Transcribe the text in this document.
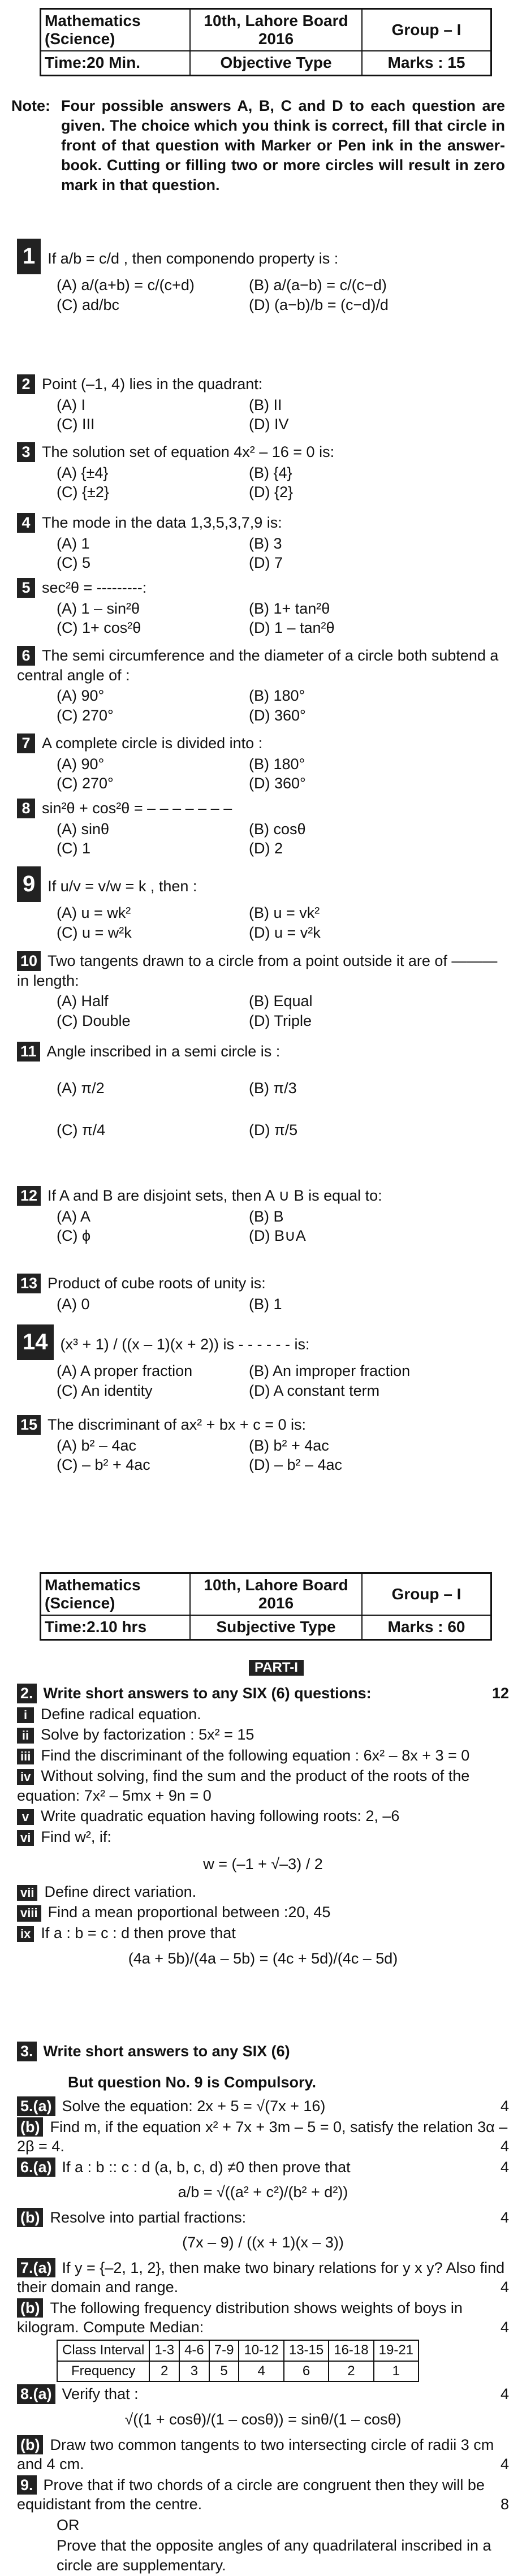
Mathematics (Science)	10th, Lahore Board 2016	Group – I
Time:20 Min.	Objective Type	Marks : 15
Note: Four possible answers A, B, C and D to each question are given. The choice which you think is correct, fill that circle in front of that question with Marker or Pen ink in the answer-book. Cutting or filling two or more circles will result in zero mark in that question.
1 If a/b = c/d , then componendo property is :
(A) a/(a+b) = c/(c+d)	(B) a/(a−b) = c/(c−d)
(C) ad/bc	(D) (a−b)/b = (c−d)/d
2 Point (–1, 4) lies in the quadrant:
(A) I	(B) II
(C) III	(D) IV
3 The solution set of equation 4x² – 16 = 0 is:
(A) {±4}	(B) {4}
(C) {±2}	(D) {2}
4 The mode in the data 1,3,5,3,7,9 is:
(A) 1	(B) 3
(C) 5	(D) 7
5 sec²θ = ---------:
(A) 1 – sin²θ	(B) 1+ tan²θ
(C) 1+ cos²θ	(D) 1 – tan²θ
6 The semi circumference and the diameter of a circle both subtend a central angle of :
(A) 90°	(B) 180°
(C) 270°	(D) 360°
7 A complete circle is divided into :
(A) 90°	(B) 180°
(C) 270°	(D) 360°
8 sin²θ + cos²θ = – – – – – – –
(A) sinθ	(B) cosθ
(C) 1	(D) 2
9 If u/v = v/w = k , then :
(A) u = wk²	(B) u = vk²
(C) u = w²k	(D) u = v²k
10 Two tangents drawn to a circle from a point outside it are of ——— in length:
(A) Half	(B) Equal
(C) Double	(D) Triple
11 Angle inscribed in a semi circle is :
(A) π/2	(B) π/3
(C) π/4	(D) π/5
12 If A and B are disjoint sets, then A ∪ B is equal to:
(A) A	(B) B
(C) ϕ	(D) B∪A
13 Product of cube roots of unity is:
(A) 0	(B) 1
14 (x³ + 1) / ((x – 1)(x + 2)) is - - - - - - is:
(A) A proper fraction	(B) An improper fraction
(C) An identity	(D) A constant term
15 The discriminant of ax² + bx + c = 0 is:
(A) b² – 4ac	(B) b² + 4ac
(C) – b² + 4ac	(D) – b² – 4ac
Mathematics (Science)	10th, Lahore Board 2016	Group – I
Time:2.10 hrs	Subjective Type	Marks : 60
PART-I
2. Write short answers to any SIX (6) questions:	12
i Define radical equation.
ii Solve by factorization : 5x² = 15
iii Find the discriminant of the following equation : 6x² – 8x + 3 = 0
iv Without solving, find the sum and the product of the roots of the equation: 7x² – 5mx + 9n = 0
v Write quadratic equation having following roots: 2, –6
vi Find w², if:
w = (–1 + √–3) / 2
vii Define direct variation.
viii Find a mean proportional between :20, 45
ix If a : b = c : d then prove that
(4a + 5b)/(4a – 5b) = (4c + 5d)/(4c – 5d)
3. Write short answers to any SIX (6)
But question No. 9 is Compulsory.
5.(a) Solve the equation: 2x + 5 = √(7x + 16)	4
(b) Find m, if the equation x² + 7x + 3m – 5 = 0, satisfy the relation 3α – 2β = 4.	4
6.(a) If a : b :: c : d (a, b, c, d) ≠0 then prove that	4
a/b = √((a² + c²)/(b² + d²))
(b) Resolve into partial fractions:	4
(7x – 9) / ((x + 1)(x – 3))
7.(a) If y = {–2, 1, 2}, then make two binary relations for y x y? Also find their domain and range.	4
(b) The following frequency distribution shows weights of boys in kilogram. Compute Median:	4
Class Interval	1-3	4-6	7-9	10-12	13-15	16-18	19-21
Frequency	2	3	5	4	6	2	1
8.(a) Verify that :	4
√((1 + cosθ)/(1 – cosθ)) = sinθ/(1 – cosθ)
(b) Draw two common tangents to two intersecting circle of radii 3 cm and 4 cm.	4
9. Prove that if two chords of a circle are congruent then they will be equidistant from the centre.	8
OR
Prove that the opposite angles of any quadrilateral inscribed in a circle are supplementary.
